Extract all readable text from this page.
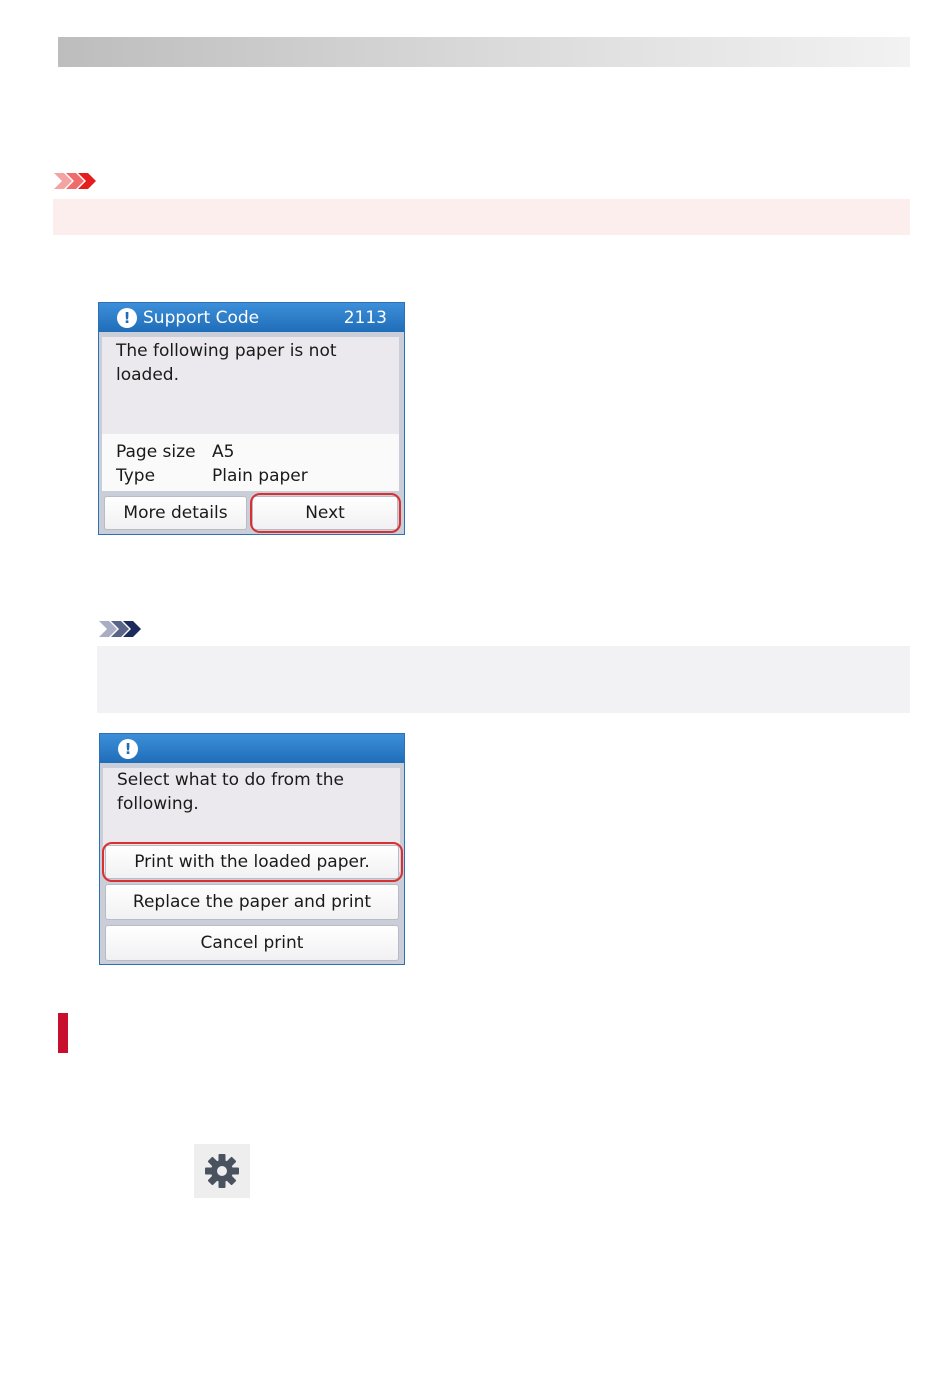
! Support Code	2113
The following paper is not loaded.
Page size A5
Type	Plain paper
More details	Next
!
Select what to do from the following.
Print with the loaded paper.
Replace the paper and print
Cancel print
